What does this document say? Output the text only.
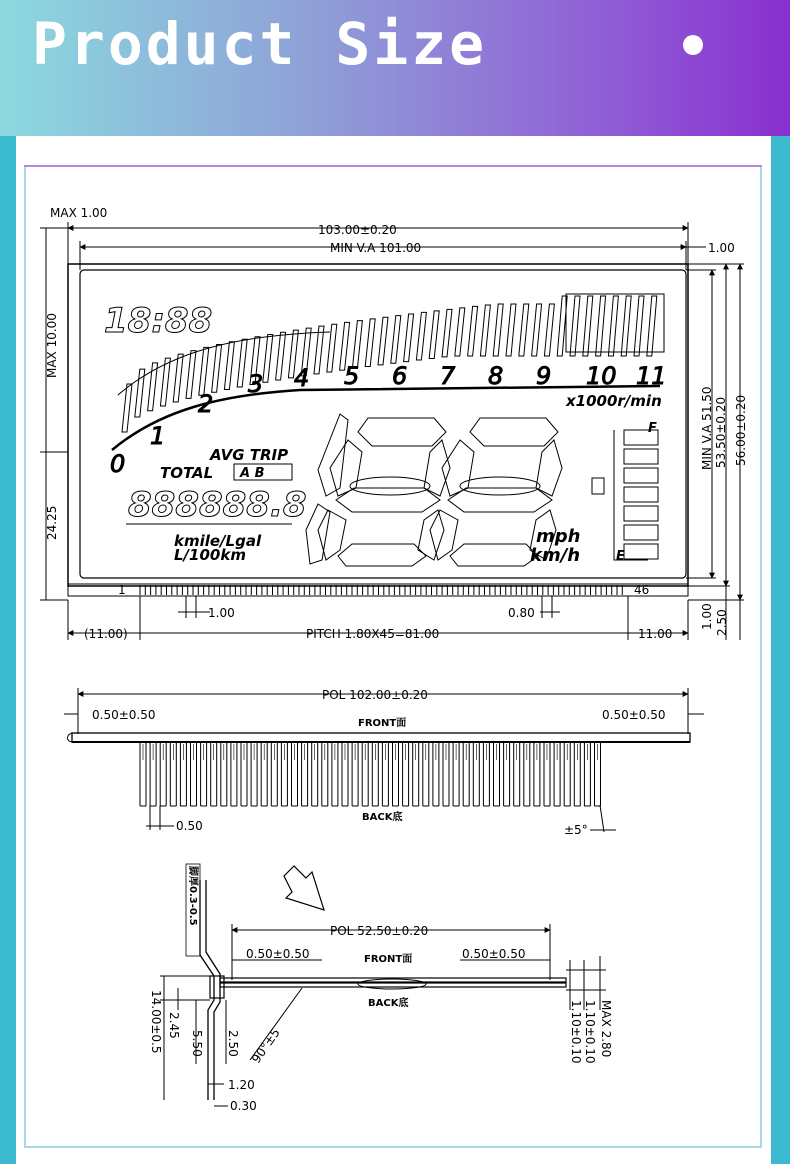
Product Size
MAX 1.00
103.00±0.20
MIN V.A 101.00	1.00
MAX 10.00
24.25
MIN V.A 51.50 53.50±0.20 56.00±0.20
1.00 2.50
1	46
1.00	0.80
(11.00)	PITCH 1.80X45=81.00	11.00
18:88
0
1
2
3 4 5 6 7 8 9 10 11
x1000r/min
AVG TRIP
TOTAL A B
888888.8
kmile/Lgal
L/100km
mph
km/h
F
E
POL 102.00±0.20
0.50±0.50	0.50±0.50
FRONT面
BACK底
0.50	±5°
脚厚0.3-0.5
POL 52.50±0.20
0.50±0.50	0.50±0.50
FRONT面
BACK底
14.00±0.5 2.45
5.50 2.50 90°±5
1.20
0.30
1.10±0.10 1.10±0.10 MAX 2.80
